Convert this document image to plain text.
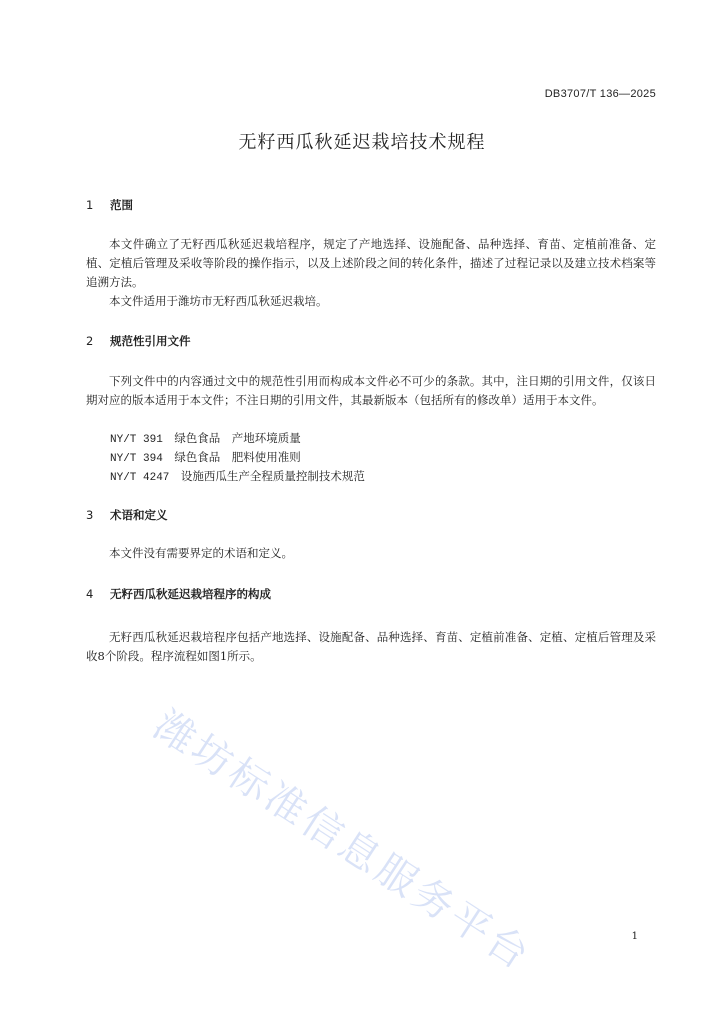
DB3707/T 136—2025
无籽西瓜秋延迟栽培技术规程
1 范围

本文件确立了无籽西瓜秋延迟栽培程序，规定了产地选择、设施配备、品种选择、育苗、定植前准备、定植、定植后管理及采收等阶段的操作指示，以及上述阶段之间的转化条件，描述了过程记录以及建立技术档案等追溯方法。

本文件适用于潍坊市无籽西瓜秋延迟栽培。

2 规范性引用文件

下列文件中的内容通过文中的规范性引用而构成本文件必不可少的条款。其中，注日期的引用文件，仅该日期对应的版本适用于本文件；不注日期的引用文件，其最新版本（包括所有的修改单）适用于本文件。

NY/T 391　 绿色食品　产地环境质量
NY/T 394　 绿色食品　肥料使用准则
NY/T 4247　 设施西瓜生产全程质量控制技术规范
3 术语和定义

本文件没有需要界定的术语和定义。

4 无籽西瓜秋延迟栽培程序的构成

无籽西瓜秋延迟栽培程序包括产地选择、设施配备、品种选择、育苗、定植前准备、定植、定植后管理及采收8个阶段。程序流程如图1所示。

潍坊标准信息服务平台	1
